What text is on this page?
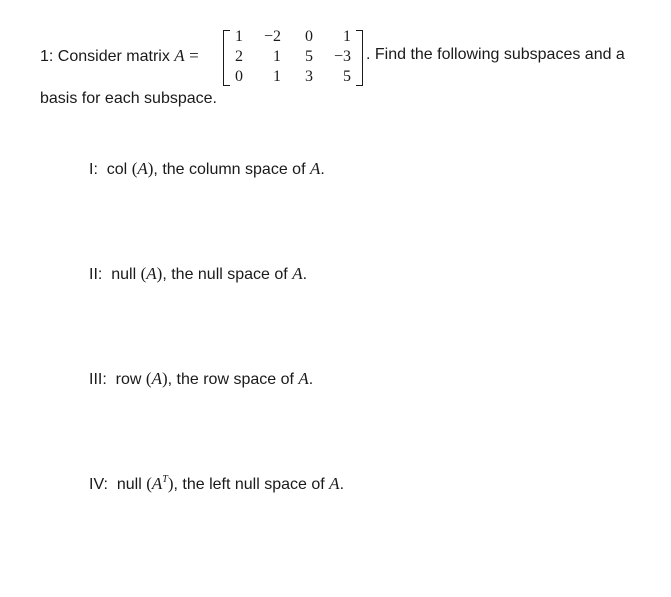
1: Consider matrix A =
1	−2	0	1
2	1	5	−3
0	1	3	5
. Find the following subspaces and a
basis for each subspace.
I: col (A), the column space of A.
II: null (A), the null space of A.
III: row (A), the row space of A.
IV: null $(A^T)$, the left null space of A.
